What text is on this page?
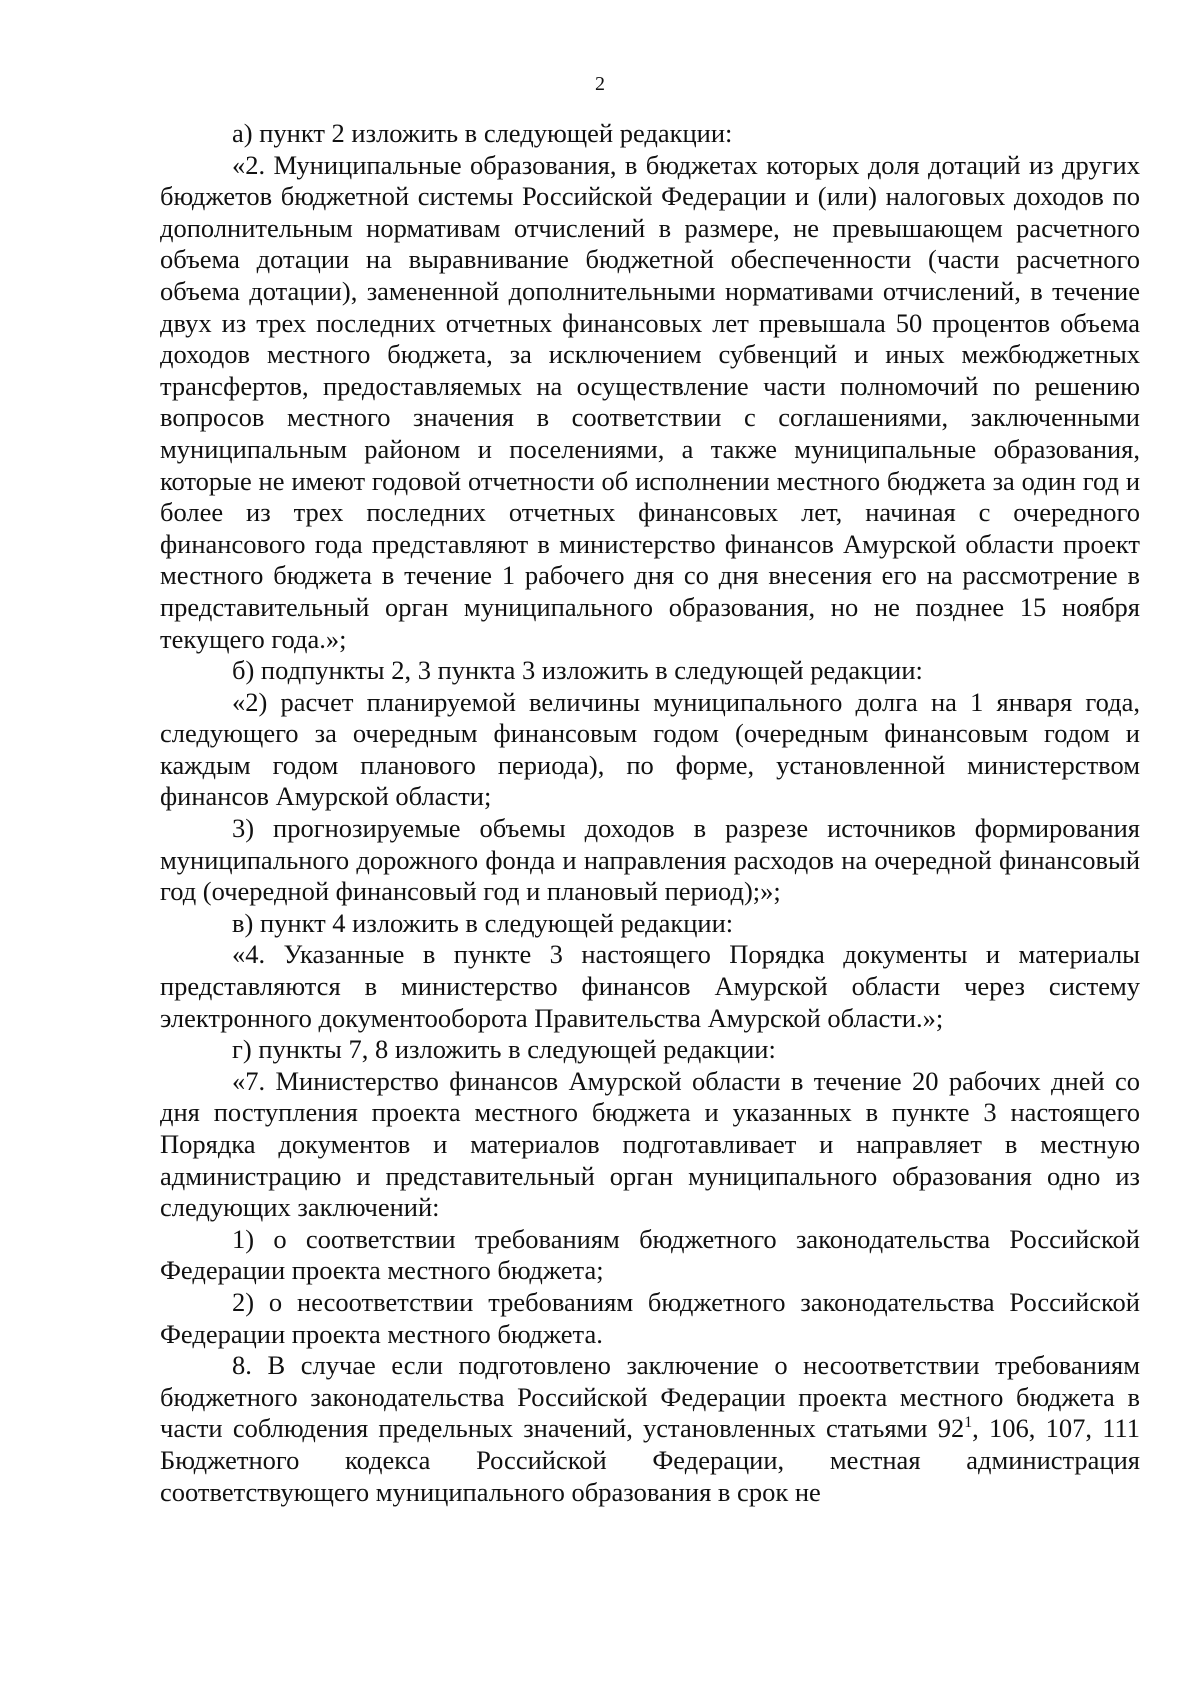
2

а) пункт 2 изложить в следующей редакции:

«2. Муниципальные образования, в бюджетах которых доля дотаций из других бюджетов бюджетной системы Российской Федерации и (или) налоговых доходов по дополнительным нормативам отчислений в размере, не превышающем расчетного объема дотации на выравнивание бюджетной обеспеченности (части расчетного объема дотации), замененной дополнительными нормативами отчислений, в течение двух из трех последних отчетных финансовых лет превышала 50 процентов объема доходов местного бюджета, за исключением субвенций и иных межбюджетных трансфертов, предоставляемых на осуществление части полномочий по решению вопросов местного значения в соответствии с соглашениями, заключенными муниципальным районом и поселениями, а также муниципальные образования, которые не имеют годовой отчетности об исполнении местного бюджета за один год и более из трех последних отчетных финансовых лет, начиная с очередного финансового года представляют в министерство финансов Амурской области проект местного бюджета в течение 1 рабочего дня со дня внесения его на рассмотрение в представительный орган муниципального образования, но не позднее 15 ноября текущего года.»;

б) подпункты 2, 3 пункта 3 изложить в следующей редакции:

«2) расчет планируемой величины муниципального долга на 1 января года, следующего за очередным финансовым годом (очередным финансовым годом и каждым годом планового периода), по форме, установленной министерством финансов Амурской области;

3) прогнозируемые объемы доходов в разрезе источников формирования муниципального дорожного фонда и направления расходов на очередной финансовый год (очередной финансовый год и плановый период);»;

в) пункт 4 изложить в следующей редакции:

«4. Указанные в пункте 3 настоящего Порядка документы и материалы представляются в министерство финансов Амурской области через систему электронного документооборота Правительства Амурской области.»;

г) пункты 7, 8 изложить в следующей редакции:

«7. Министерство финансов Амурской области в течение 20 рабочих дней со дня поступления проекта местного бюджета и указанных в пункте 3 настоящего Порядка документов и материалов подготавливает и направляет в местную администрацию и представительный орган муниципального образования одно из следующих заключений:

1) о соответствии требованиям бюджетного законодательства Российской Федерации проекта местного бюджета;

2) о несоответствии требованиям бюджетного законодательства Российской Федерации проекта местного бюджета.

8. В случае если подготовлено заключение о несоответствии требованиям бюджетного законодательства Российской Федерации проекта местного бюджета в части соблюдения предельных значений, установленных статьями $92^1$, 106, 107, 111 Бюджетного кодекса Российской Федерации, местная администрация соответствующего муниципального образования в срок не
